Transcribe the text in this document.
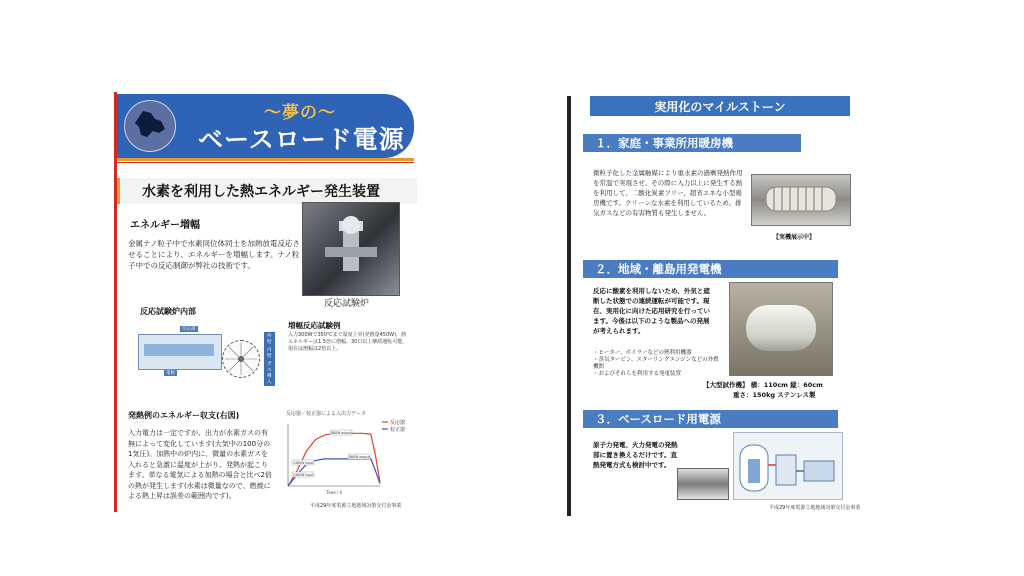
〜夢の〜
ベースロード電源
水素を利用した熱エネルギー発生装置
エネルギー増幅
金属ナノ粒子中で水素同位体同士を加熱放電反応させることにより、エネルギーを増幅します。ナノ粒子中での反応制御が弊社の技術です。
反応試験炉
反応試験炉内部
反応部
電極
外壁
内壁
ガス導入
増幅反応試験例
入力300Wで350℃まで温度上昇(発熱量450W)。熱エネルギーは1.5倍に増幅。30日以上継続運転可能。現在は増幅は2倍以上。
発熱例のエネルギー収支(右図)
入力電力は一定ですが、出力が水素ガスの有無によって変化しています(大気中の100分の1気圧)。加熱中の炉内に、微量の水素ガスを入れると急激に温度が上がり、発熱が起こります。単なる電気による加熱の場合と比べ2倍の熱が発生します(水素は微量なので、燃焼による熱上昇は誤差の範囲内です)。
反応器／校正器による入出力データ
反応器
校正器
880W output
880W output
2480W Input
2480W Input
Time / h
平成29年度電源立地地域対策交付金事業
実用化のマイルストーン
１．家庭・事業所用暖房機
微粒子化した金属触媒により重水素の過剰発熱作用を常温で実現させ、その際に入力以上に発生する熱を利用して、二酸化炭素フリー、超省エネな小型暖房機です。クリーンな水素を利用しているため、排気ガスなどの有害物質も発生しません。
【実機展示中】
２．地域・離島用発電機
反応に酸素を利用しないため、外気と遮断した状態での連続運転が可能です。現在、実用化に向けた応用研究を行っています。今後は以下のような製品への発展が考えられます。
・ヒーター、ボイラーなどの熱利用機器
・蒸気タービン、スターリングエンジンなどの外燃機関
・およびそれらを利用する発電装置
【大型試作機】 横：110cm 縦：60cm
重さ：150kg ステンレス製
３．ベースロード用電源
原子力発電、火力発電の発熱部に置き換えるだけです。直熱発電方式も検討中です。
平成29年度電源立地地域対策交付金事業
